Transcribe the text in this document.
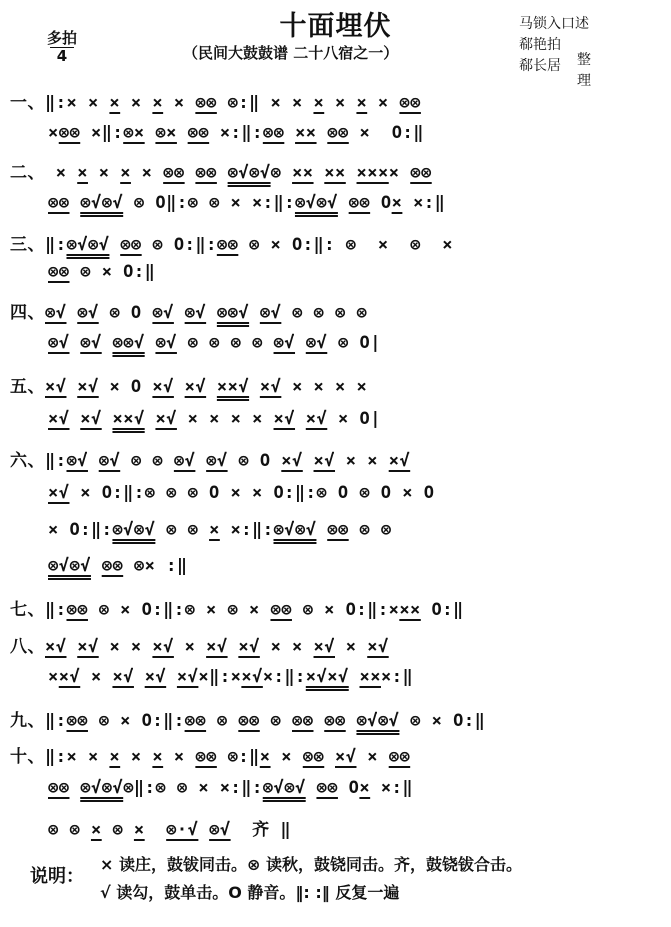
十面埋伏
（民间大鼓鼓谱 二十八宿之一）
多拍
4
马锁入口述
郗艳拍
郗长居	整理
一、‖:× × × × × × ⊗⊗ ⊗:‖ × × × × × × ⊗⊗
×⊗⊗ ×‖:⊗× ⊗× ⊗⊗ ×:‖:⊗⊗ ×× ⊗⊗ ×  O:‖
二、 × × × × × ⊗⊗ ⊗⊗ ⊗√⊗√⊗ ×× ×× ×××× ⊗⊗
⊗⊗ ⊗√⊗√ ⊗ O‖:⊗ ⊗ × ×:‖:⊗√⊗√ ⊗⊗ O× ×:‖
三、‖:⊗√⊗√ ⊗⊗ ⊗ O:‖:⊗⊗ ⊗ × O:‖: ⊗  ×  ⊗  ×
⊗⊗ ⊗ × O:‖
四、⊗√ ⊗√ ⊗ O ⊗√ ⊗√ ⊗⊗√ ⊗√ ⊗ ⊗ ⊗ ⊗
⊗√ ⊗√ ⊗⊗√ ⊗√ ⊗ ⊗ ⊗ ⊗ ⊗√ ⊗√ ⊗ O|
五、×√ ×√ × O ×√ ×√ ××√ ×√ × × × ×
×√ ×√ ××√ ×√ × × × × ×√ ×√ × O|
六、‖:⊗√ ⊗√ ⊗ ⊗ ⊗√ ⊗√ ⊗ O ×√ ×√ × × ×√
×√ × O:‖:⊗ ⊗ ⊗ O × × O:‖:⊗ O ⊗ O × O
× O:‖:⊗√⊗√ ⊗ ⊗ × ×:‖:⊗√⊗√ ⊗⊗ ⊗ ⊗
⊗√⊗√ ⊗⊗ ⊗× :‖
七、‖:⊗⊗ ⊗ × O:‖:⊗ × ⊗ × ⊗⊗ ⊗ × O:‖:××× O:‖
八、×√ ×√ × × ×√ × ×√ ×√ × × ×√ × ×√
××√ × ×√ ×√ ×√×‖:××√×:‖:×√×√ ×××:‖
九、‖:⊗⊗ ⊗ × O:‖:⊗⊗ ⊗ ⊗⊗ ⊗ ⊗⊗ ⊗⊗ ⊗√⊗√ ⊗ × O:‖
十、‖:× × × × × × ⊗⊗ ⊗:‖× × ⊗⊗ ×√ × ⊗⊗
⊗⊗ ⊗√⊗√⊗‖:⊗ ⊗ × ×:‖:⊗√⊗√ ⊗⊗ O× ×:‖
⊗ ⊗ × ⊗ × ⊗·√ ⊗√  齐 ‖
说明：
× 读庄，鼓钹同击。⊗ 读秋，鼓铙同击。齐，鼓铙钹合击。
√ 读勾，鼓单击。O 静音。‖: :‖ 反复一遍
